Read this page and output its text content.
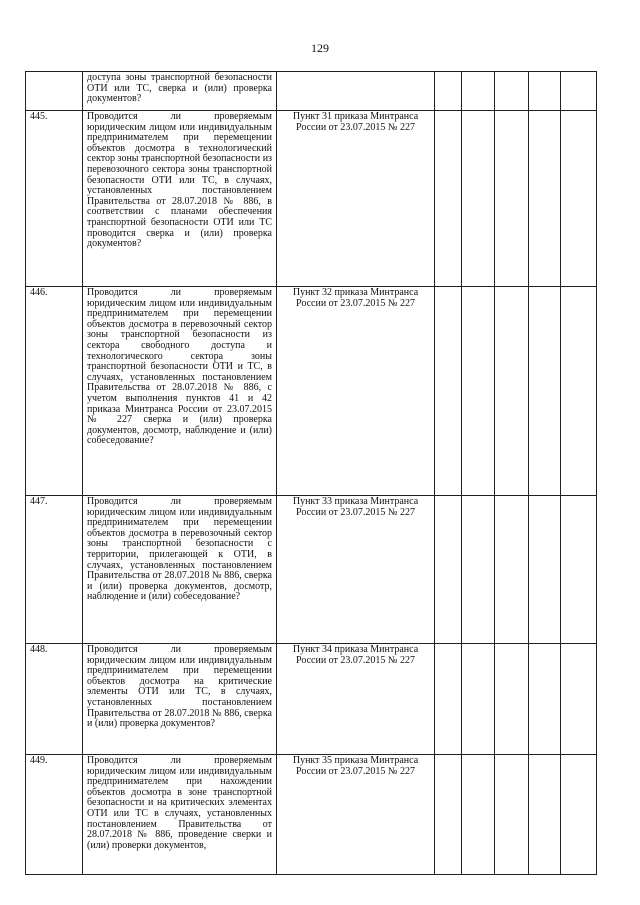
129
	доступа зоны транспортной безопасности ОТИ или ТС, сверка и (или) проверка документов?						
445.	Проводится ли проверяемым юридическим лицом или индивидуальным предпринимателем при перемещении объектов досмотра в технологический сектор зоны транспортной безопасности из перевозочного сектора зоны транспортной безопасности ОТИ или ТС, в случаях, установленных постановлением Правительства от 28.07.2018 № 886, в соответствии с планами обеспечения транспортной безопасности ОТИ или ТС проводится сверка и (или) проверка документов?	Пункт 31 приказа Минтранса России от 23.07.2015 № 227					
446.	Проводится ли проверяемым юридическим лицом или индивидуальным предпринимателем при перемещении объектов досмотра в перевозочный сектор зоны транспортной безопасности из сектора свободного доступа и технологического сектора зоны транспортной безопасности ОТИ и ТС, в случаях, установленных постановлением Правительства от 28.07.2018 № 886, с учетом выполнения пунктов 41 и 42 приказа Минтранса России от 23.07.2015 № 227 сверка и (или) проверка документов, досмотр, наблюдение и (или) собеседование?	Пункт 32 приказа Минтранса России от 23.07.2015 № 227					
447.	Проводится ли проверяемым юридическим лицом или индивидуальным предпринимателем при перемещении объектов досмотра в перевозочный сектор зоны транспортной безопасности с территории, прилегающей к ОТИ, в случаях, установленных постановлением Правительства от 28.07.2018 № 886, сверка и (или) проверка документов, досмотр, наблюдение и (или) собеседование?	Пункт 33 приказа Минтранса России от 23.07.2015 № 227					
448.	Проводится ли проверяемым юридическим лицом или индивидуальным предпринимателем при перемещении объектов досмотра на критические элементы ОТИ или ТС, в случаях, установленных постановлением Правительства от 28.07.2018 № 886, сверка и (или) проверка документов?	Пункт 34 приказа Минтранса России от 23.07.2015 № 227					
449.	Проводится ли проверяемым юридическим лицом или индивидуальным предпринимателем при нахождении объектов досмотра в зоне транспортной безопасности и на критических элементах ОТИ или ТС в случаях, установленных постановлением Правительства от 28.07.2018 № 886, проведение сверки и (или) проверки документов,	Пункт 35 приказа Минтранса России от 23.07.2015 № 227					
